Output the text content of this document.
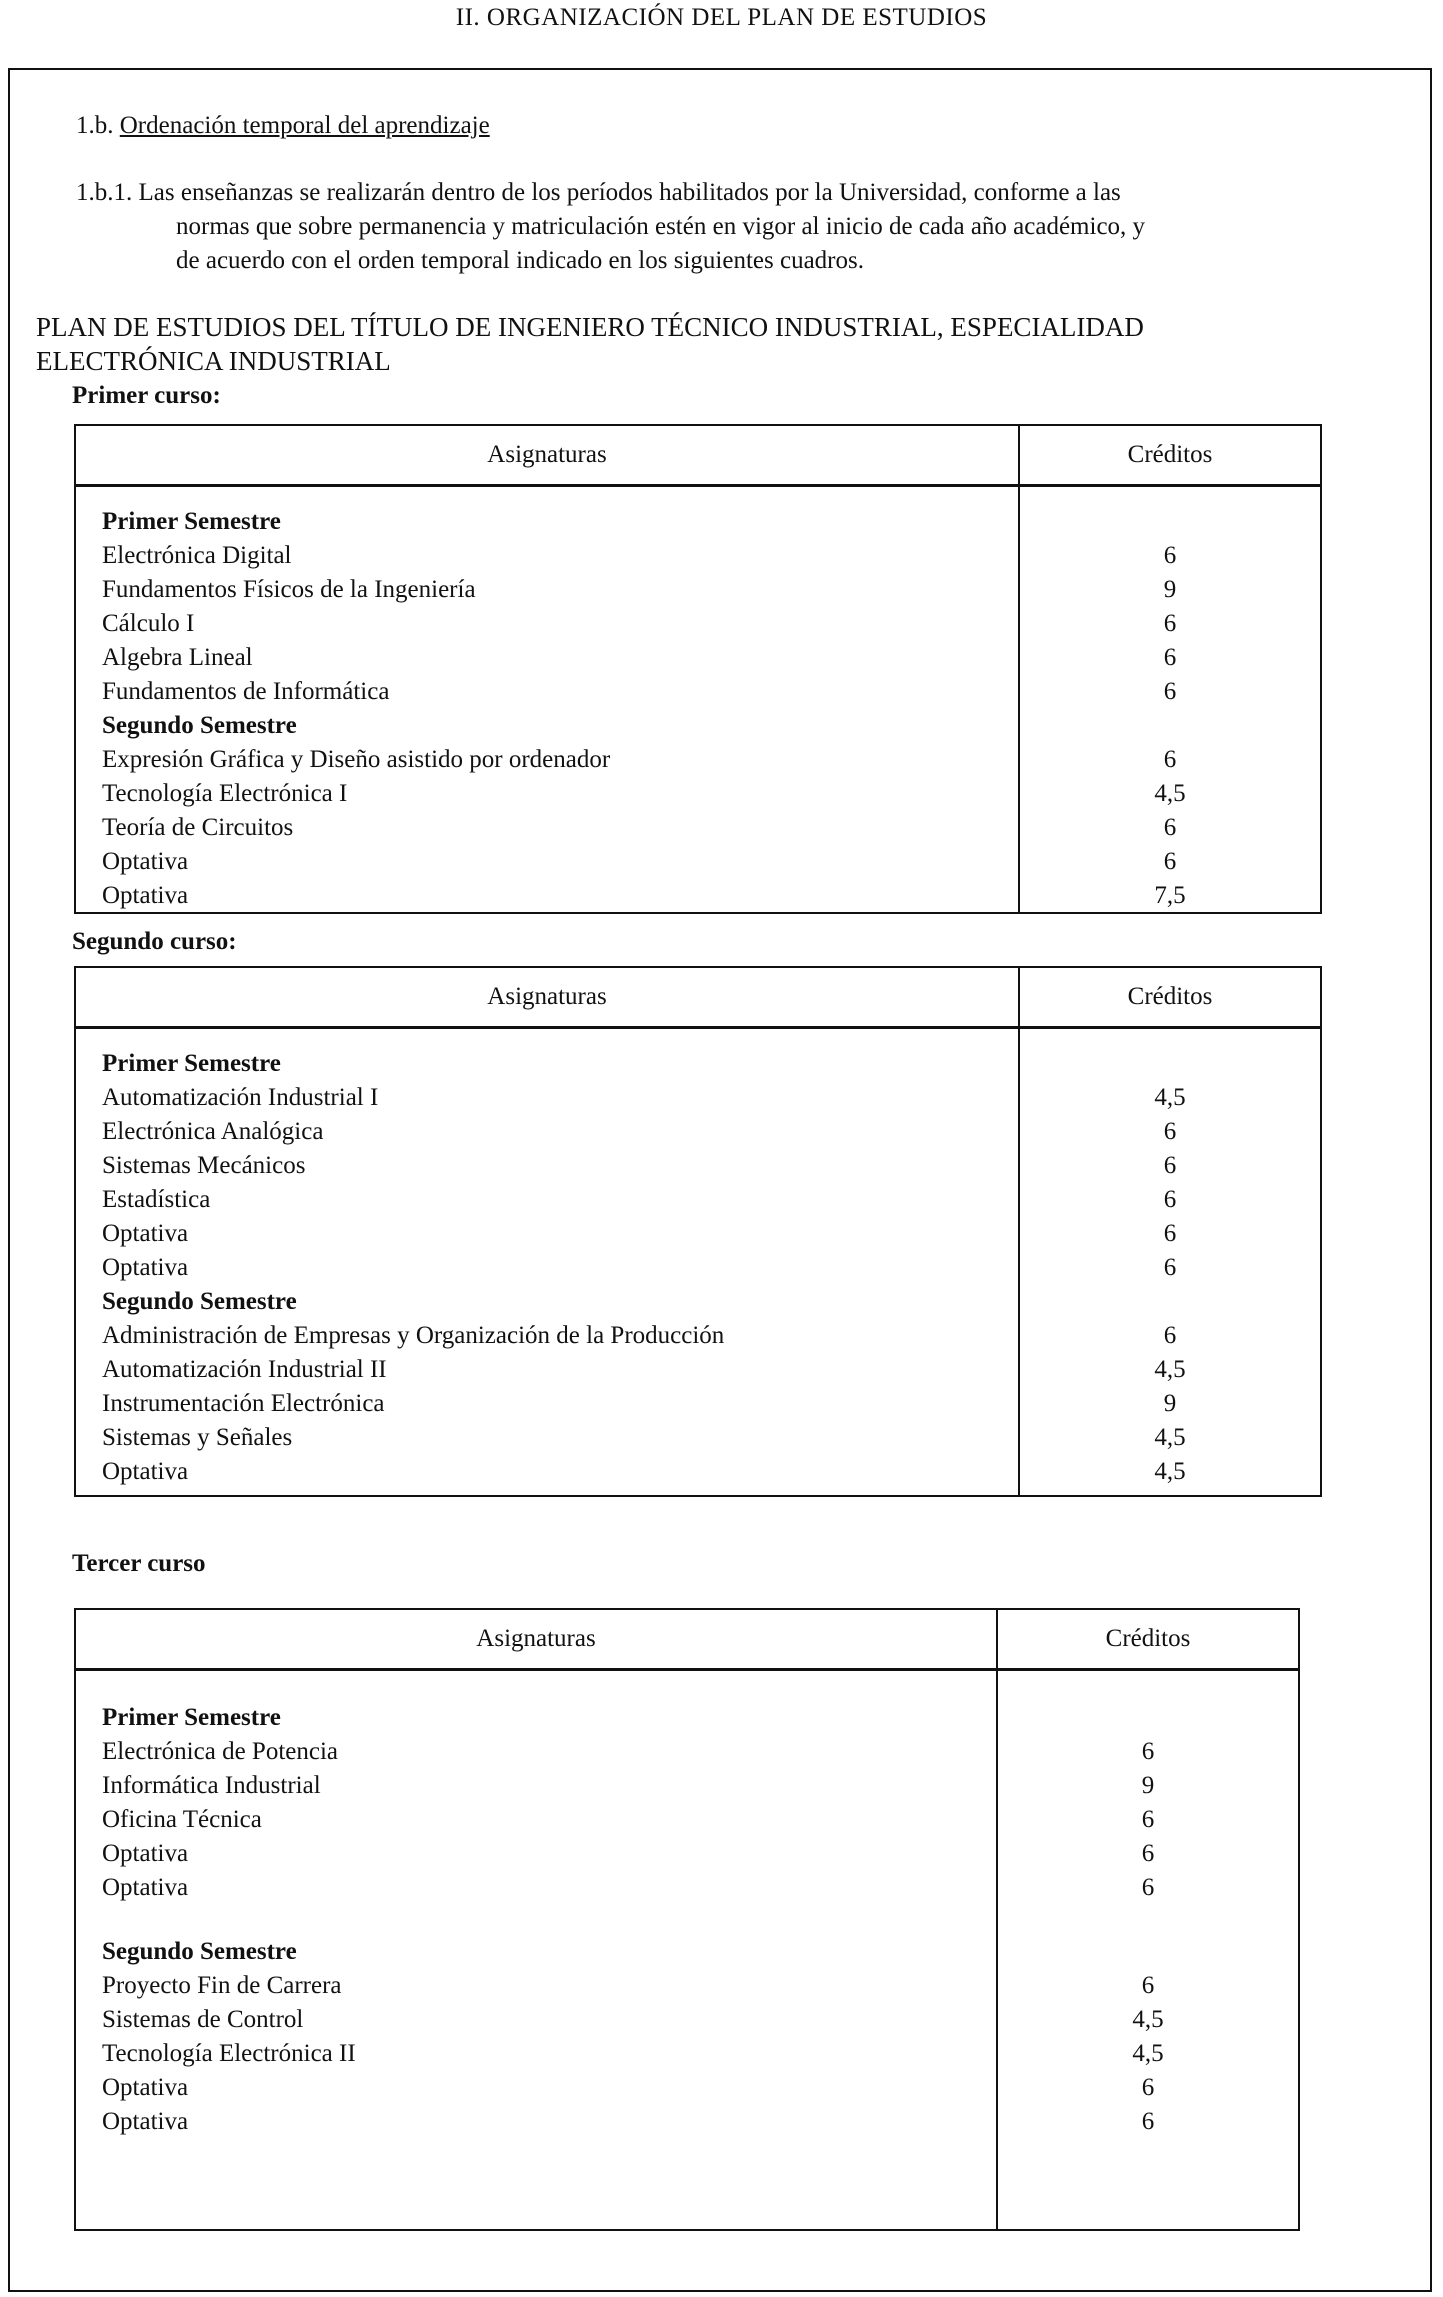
II. ORGANIZACIÓN DEL PLAN DE ESTUDIOS
1.b. Ordenación temporal del aprendizaje
1.b.1. Las enseñanzas se realizarán dentro de los períodos habilitados por la Universidad, conforme a las
normas que sobre permanencia y matriculación estén en vigor al inicio de cada año académico, y
de acuerdo con el orden temporal indicado en los siguientes cuadros.
PLAN DE ESTUDIOS DEL TÍTULO DE INGENIERO TÉCNICO INDUSTRIAL, ESPECIALIDAD ELECTRÓNICA INDUSTRIAL
Primer curso:
Asignaturas	Créditos

Primer Semestre	
Electrónica Digital	6
Fundamentos Físicos de la Ingeniería	9
Cálculo I	6
Algebra Lineal	6
Fundamentos de Informática	6
Segundo Semestre	
Expresión Gráfica y Diseño asistido por ordenador	6
Tecnología Electrónica I	4,5
Teoría de Circuitos	6
Optativa	6
Optativa	7,5
Segundo curso:
Asignaturas	Créditos

Primer Semestre	
Automatización Industrial I	4,5
Electrónica Analógica	6
Sistemas Mecánicos	6
Estadística	6
Optativa	6
Optativa	6
Segundo Semestre	
Administración de Empresas y Organización de la Producción	6
Automatización Industrial II	4,5
Instrumentación Electrónica	9
Sistemas y Señales	4,5
Optativa	4,5

Tercer curso
Asignaturas	Créditos

Primer Semestre	
Electrónica de Potencia	6
Informática Industrial	9
Oficina Técnica	6
Optativa	6
Optativa	6

Segundo Semestre	
Proyecto Fin de Carrera	6
Sistemas de Control	4,5
Tecnología Electrónica II	4,5
Optativa	6
Optativa	6
